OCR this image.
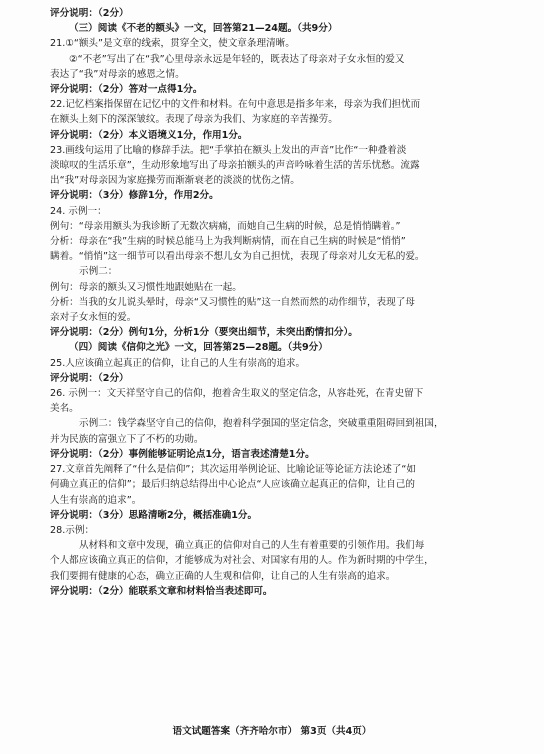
评分说明：（2分）
（三）阅读《不老的额头》一文，回答第21—24题。（共9分）
21.①“额头”是文章的线索，贯穿全文，使文章条理清晰。
②“不老”写出了在“我”心里母亲永远是年轻的，既表达了母亲对子女永恒的爱又
表达了“我”对母亲的感恩之情。
评分说明：（2分）答对一点得1分。
22.记忆档案指保留在记忆中的文件和材料。在句中意思是指多年来，母亲为我们担忧而
在额头上刻下的深深皱纹。表现了母亲为我们、为家庭的辛苦操劳。
评分说明：（2分）本义语境义1分，作用1分。
23.画线句运用了比喻的修辞手法。把“手掌拍在额头上发出的声音”比作“一种叠着淡
淡晾叹的生活乐章”，生动形象地写出了母亲拍额头的声音吟咏着生活的苦乐忧愁。流露
出“我”对母亲因为家庭操劳而渐渐衰老的淡淡的忧伤之情。
评分说明：（3分）修辞1分，作用2分。
24. 示例一：
例句：“母亲用额头为我诊断了无数次病痛，而她自己生病的时候，总是悄悄瞒着。”
分析：母亲在“我”生病的时候总能马上为我判断病情，而在自己生病的时候是“悄悄”
瞒着。“悄悄”这一细节可以看出母亲不想儿女为自己担忧，表现了母亲对儿女无私的爱。
示例二：
例句：母亲的额头又习惯性地跟她贴在一起。
分析：当我的女儿说头晕时，母亲“又习惯性的贴”这一自然而然的动作细节，表现了母
亲对子女永恒的爱。
评分说明：（2分）例句1分，分析1分（要突出细节，未突出酌情扣分）。
（四）阅读《信仰之光》一文，回答第25—28题。（共9分）
25.人应该确立起真正的信仰，让自己的人生有崇高的追求。
评分说明：（2分）
26. 示例一：文天祥坚守自己的信仰，抱着舍生取义的坚定信念，从容赴死，在青史留下
美名。
示例二：钱学森坚守自己的信仰，抱着科学强国的坚定信念，突破重重阻碍回到祖国，
并为民族的富强立下了不朽的功勋。
评分说明：（2分）事例能够证明论点1分，语言表述清楚1分。
27.文章首先阐释了“什么是信仰”；其次运用举例论证、比喻论证等论证方法论述了“如
何确立真正的信仰”；最后归纳总结得出中心论点“人应该确立起真正的信仰，让自己的
人生有崇高的追求”。
评分说明：（3分）思路清晰2分，概括准确1分。
28.示例：
从材料和文章中发现，确立真正的信仰对自己的人生有着重要的引领作用。我们每
个人都应该确立真正的信仰，才能够成为对社会、对国家有用的人。作为新时期的中学生，
我们要拥有健康的心态，确立正确的人生观和信仰，让自己的人生有崇高的追求。
评分说明：（2分）能联系文章和材料恰当表述即可。
语文试题答案（齐齐哈尔市） 第3页（共4页）
